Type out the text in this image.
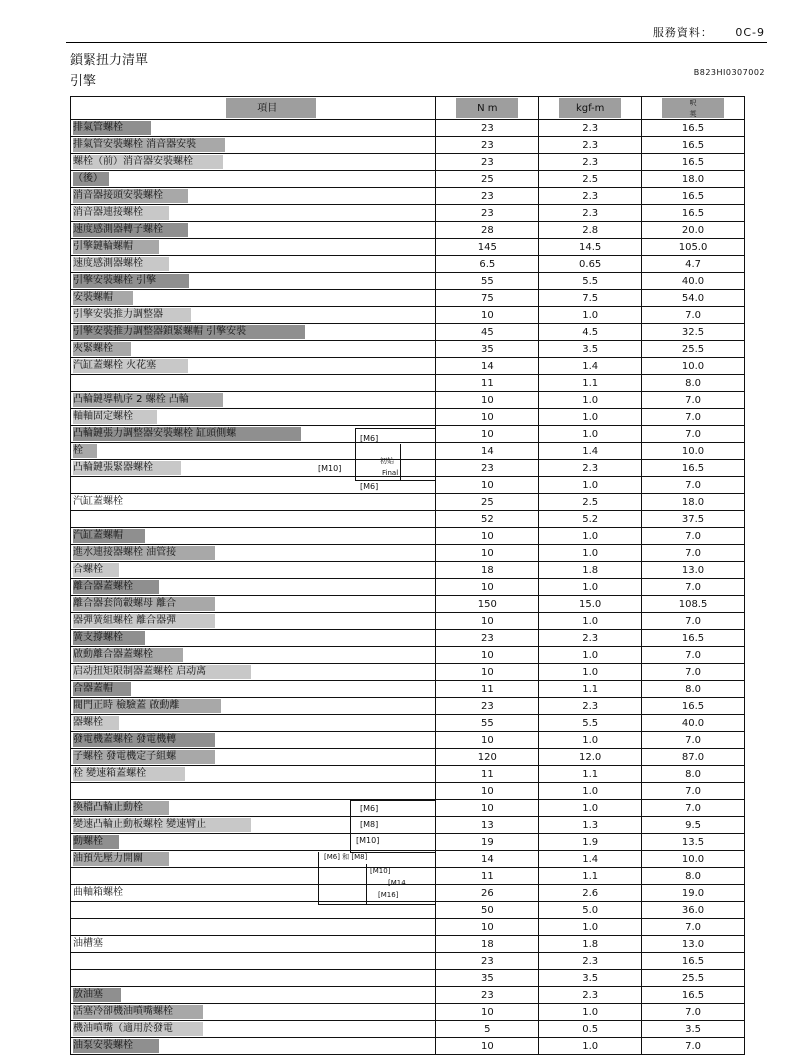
服務資料： 0C-9
鎖緊扭力清單
引擎
B823HI0307002
項目	N m	kgf-m	呎
英

排氣管螺栓	23	2.3	16.5

排氣管安裝螺栓 消音器安裝	23	2.3	16.5

螺栓（前）消音器安裝螺栓	23	2.3	16.5

（後）	25	2.5	18.0

消音器接頭安裝螺栓	23	2.3	16.5

消音器連接螺栓	23	2.3	16.5

速度感測器轉子螺栓	28	2.8	20.0

引擎鏈輪螺帽	145	14.5	105.0

速度感測器螺栓	6.5	0.65	4.7

引擎安裝螺栓 引擎	55	5.5	40.0

安裝螺帽	75	7.5	54.0

引擎安裝推力調整器	10	1.0	7.0

引擎安裝推力調整器鎖緊螺帽 引擎安裝	45	4.5	32.5

夾緊螺栓	35	3.5	25.5

汽缸蓋螺栓 火花塞	14	1.4	10.0

	11	1.1	8.0

凸輪鏈導軌序 2 螺栓 凸輪	10	1.0	7.0

軸軸固定螺栓	10	1.0	7.0

凸輪鏈張力調整器安裝螺栓 缸頭側螺	10	1.0	7.0

栓	14	1.4	10.0

凸輪鏈張緊器螺栓	23	2.3	16.5

	10	1.0	7.0

汽缸蓋螺栓	25	2.5	18.0

	52	5.2	37.5

汽缸蓋螺帽	10	1.0	7.0

進水連接器螺栓 油管接	10	1.0	7.0

合螺栓	18	1.8	13.0

離合器蓋螺栓	10	1.0	7.0

離合器套筒轂螺母 離合	150	15.0	108.5

器彈簧組螺栓 離合器彈	10	1.0	7.0

簧支撐螺栓	23	2.3	16.5

啟動離合器蓋螺栓	10	1.0	7.0

启动扭矩限制器蓋螺栓 启动离	10	1.0	7.0

合器蓋帽	11	1.1	8.0

閥門正時 檢驗蓋 啟動離	23	2.3	16.5

器螺栓	55	5.5	40.0

發電機蓋螺栓 發電機轉	10	1.0	7.0

子螺栓 發電機定子組螺	120	12.0	87.0

栓 變速箱蓋螺栓	11	1.1	8.0

	10	1.0	7.0

換檔凸輪止動栓	10	1.0	7.0

變速凸輪止動板螺栓 變速臂止	13	1.3	9.5

動螺栓	19	1.9	13.5

油預先壓力開關	14	1.4	10.0

	11	1.1	8.0

曲軸箱螺栓	26	2.6	19.0

	50	5.0	36.0

	10	1.0	7.0

油槽塞	18	1.8	13.0

	23	2.3	16.5

	35	3.5	25.5

放油塞	23	2.3	16.5

活塞冷卻機油噴嘴螺栓	10	1.0	7.0

機油噴嘴（適用於發電	5	0.5	3.5

油泵安裝螺栓	10	1.0	7.0
[M6]
[M10]
初始
Final
[M6]
[M6]
[M8]
[M10]
[M6] 和 [M8]
[M10]
[M14
[M16]
